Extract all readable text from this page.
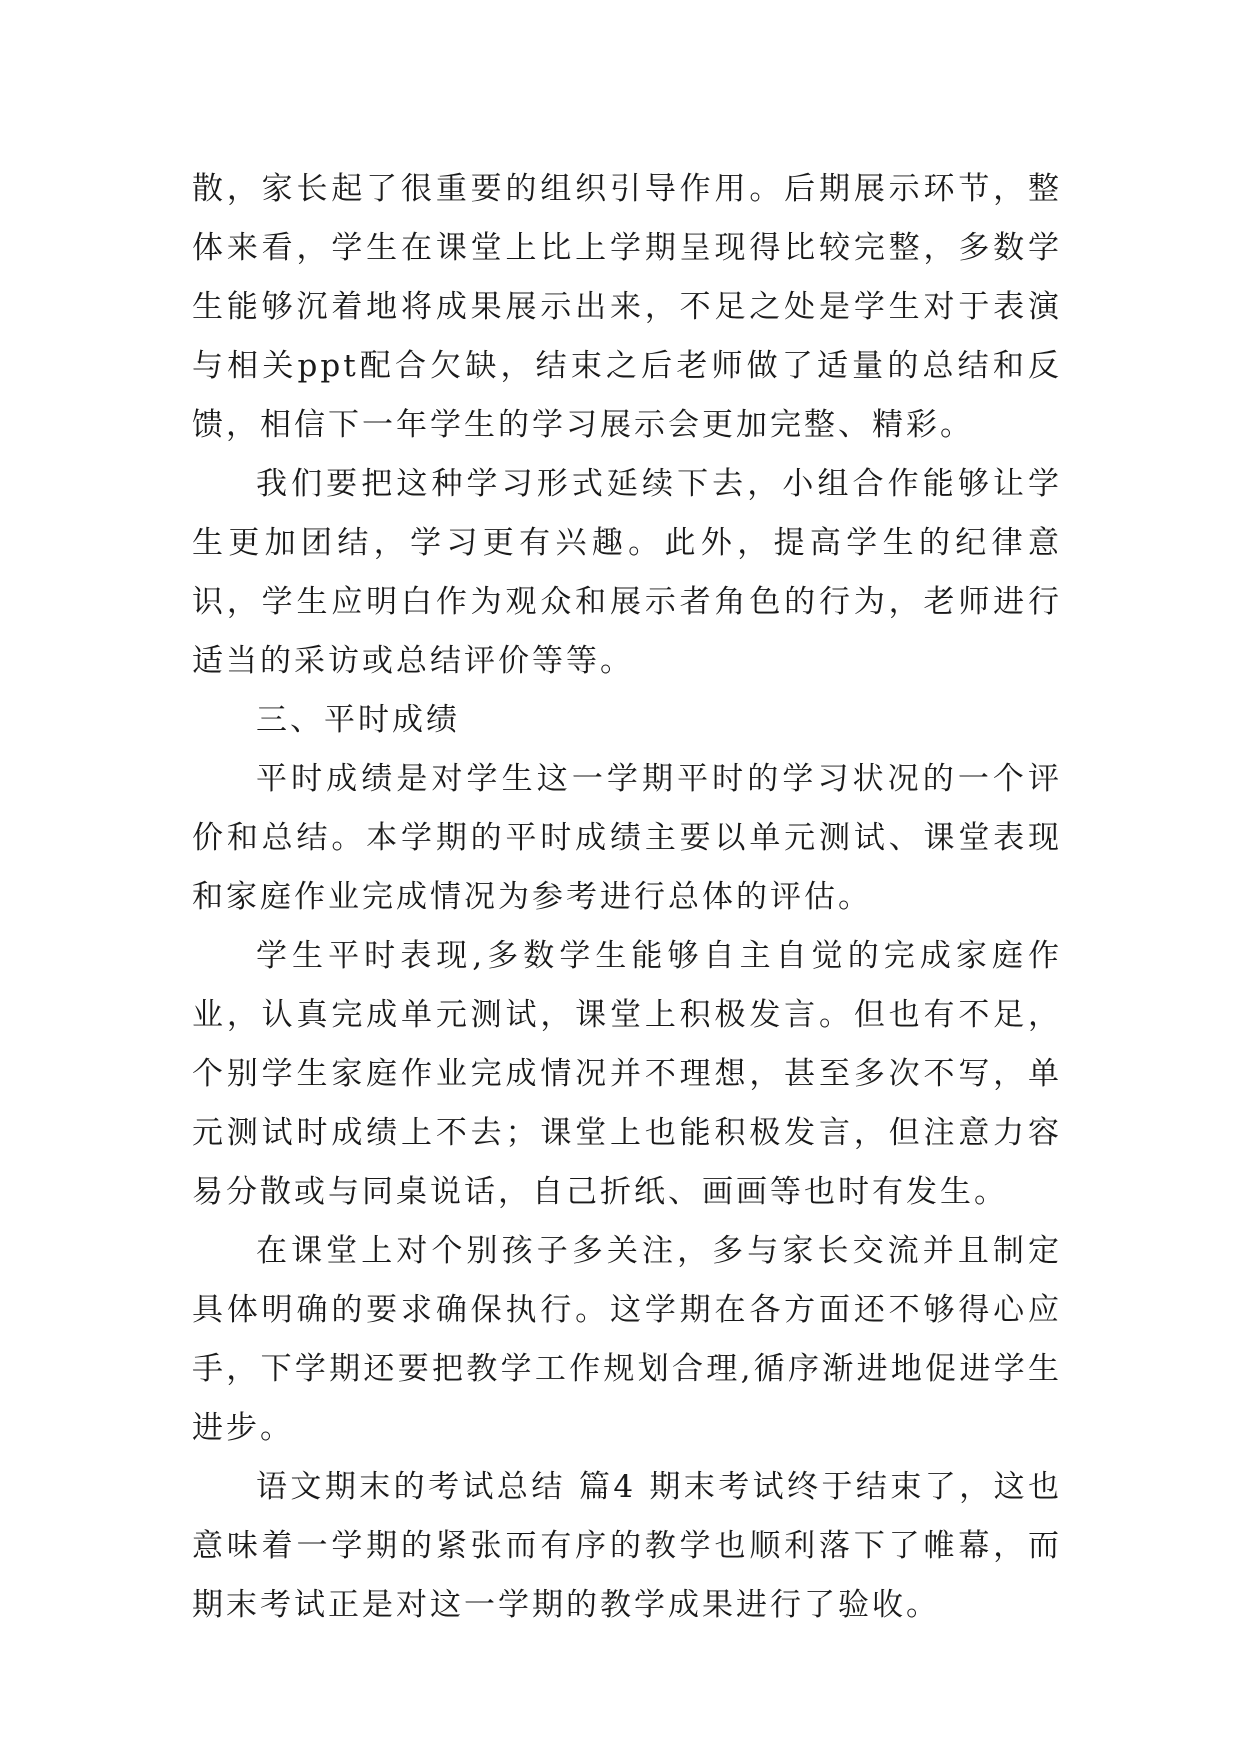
散，家长起了很重要的组织引导作用。后期展示环节，整体来看，学生在课堂上比上学期呈现得比较完整，多数学生能够沉着地将成果展示出来，不足之处是学生对于表演与相关ppt配合欠缺，结束之后老师做了适量的总结和反馈，相信下一年学生的学习展示会更加完整、精彩。

我们要把这种学习形式延续下去，小组合作能够让学生更加团结，学习更有兴趣。此外，提高学生的纪律意识，学生应明白作为观众和展示者角色的行为，老师进行适当的采访或总结评价等等。

三、平时成绩

平时成绩是对学生这一学期平时的学习状况的一个评价和总结。本学期的平时成绩主要以单元测试、课堂表现和家庭作业完成情况为参考进行总体的评估。

学生平时表现,多数学生能够自主自觉的完成家庭作业，认真完成单元测试，课堂上积极发言。但也有不足，个别学生家庭作业完成情况并不理想，甚至多次不写，单元测试时成绩上不去；课堂上也能积极发言，但注意力容易分散或与同桌说话，自己折纸、画画等也时有发生。

在课堂上对个别孩子多关注，多与家长交流并且制定具体明确的要求确保执行。这学期在各方面还不够得心应手，下学期还要把教学工作规划合理,循序渐进地促进学生进步。

语文期末的考试总结 篇4 期末考试终于结束了，这也意味着一学期的紧张而有序的教学也顺利落下了帷幕，而期末考试正是对这一学期的教学成果进行了验收。
